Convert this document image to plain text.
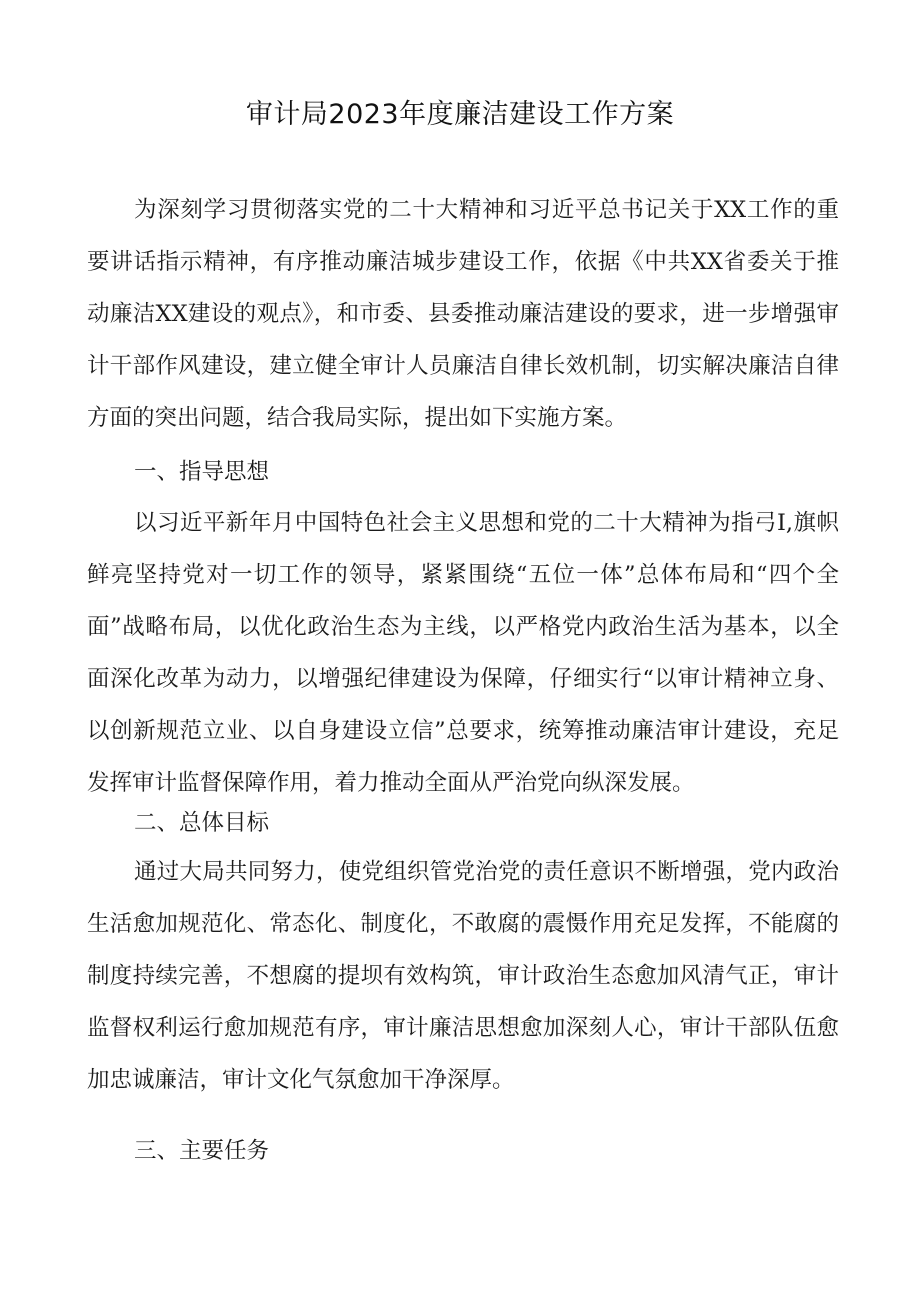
审计局2023年度廉洁建设工作方案

为深刻学习贯彻落实党的二十大精神和习近平总书记关于XX工作的重要讲话指示精神，有序推动廉洁城步建设工作，依据《中共XX省委关于推动廉洁XX建设的观点》，和市委、县委推动廉洁建设的要求，进一步增强审计干部作风建设，建立健全审计人员廉洁自律长效机制，切实解决廉洁自律方面的突出问题，结合我局实际，提出如下实施方案。

一、指导思想

以习近平新年月中国特色社会主义思想和党的二十大精神为指弓I,旗帜鲜亮坚持党对一切工作的领导，紧紧围绕“五位一体”总体布局和“四个全面”战略布局，以优化政治生态为主线，以严格党内政治生活为基本，以全面深化改革为动力，以增强纪律建设为保障，仔细实行“以审计精神立身、以创新规范立业、以自身建设立信”总要求，统筹推动廉洁审计建设，充足发挥审计监督保障作用，着力推动全面从严治党向纵深发展。

二、总体目标

通过大局共同努力，使党组织管党治党的责任意识不断增强，党内政治生活愈加规范化、常态化、制度化，不敢腐的震慑作用充足发挥，不能腐的制度持续完善，不想腐的提坝有效构筑，审计政治生态愈加风清气正，审计监督权利运行愈加规范有序，审计廉洁思想愈加深刻人心，审计干部队伍愈加忠诚廉洁，审计文化气氛愈加干净深厚。

三、主要任务
